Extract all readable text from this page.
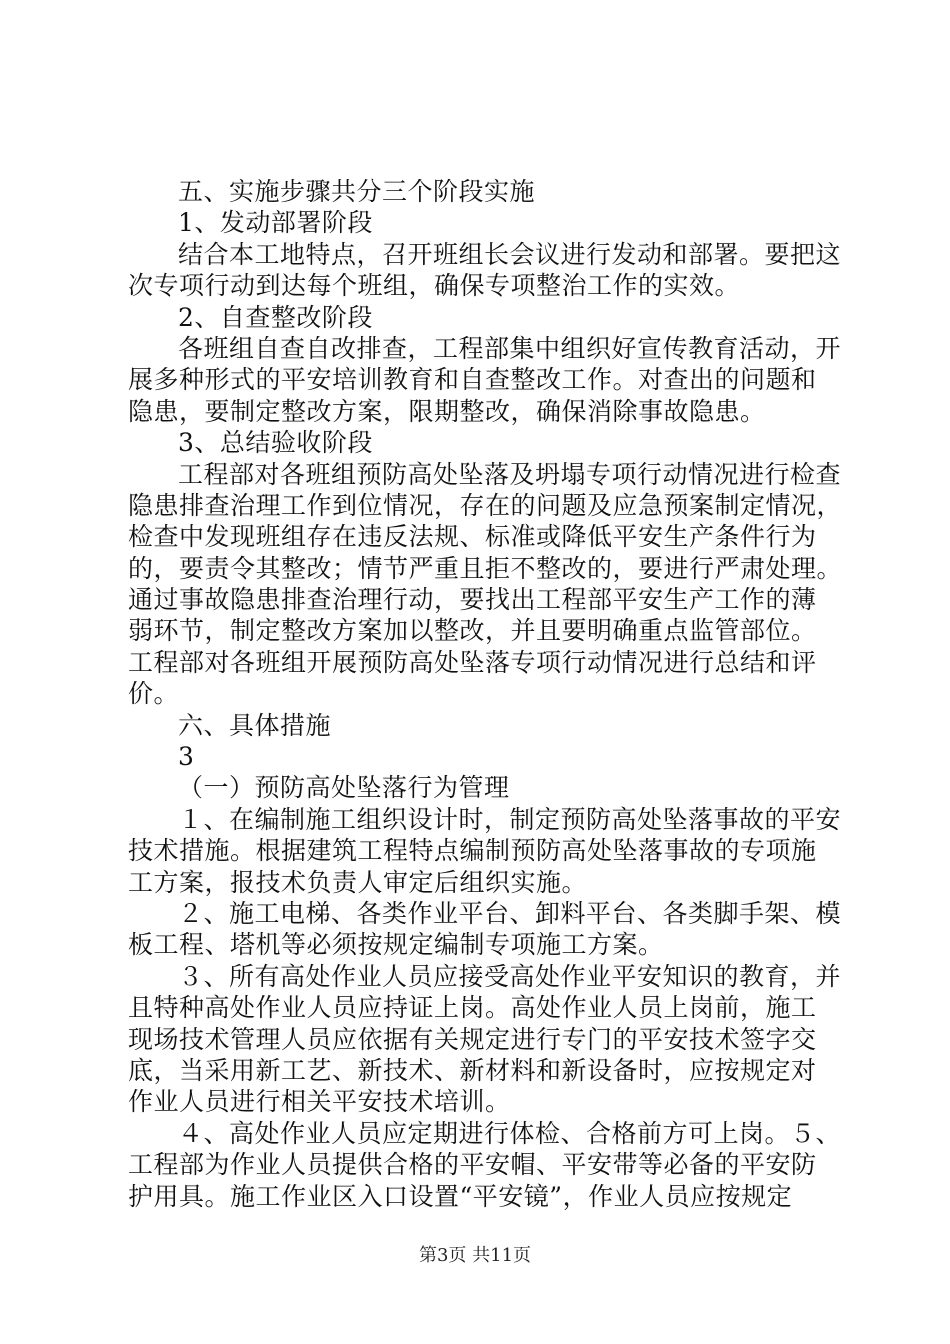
五、实施步骤共分三个阶段实施
1、发动部署阶段
结合本工地特点，召开班组长会议进行发动和部署。要把这
次专项行动到达每个班组，确保专项整治工作的实效。
2、自查整改阶段
各班组自查自改排查，工程部集中组织好宣传教育活动，开
展多种形式的平安培训教育和自查整改工作。对查出的问题和
隐患，要制定整改方案，限期整改，确保消除事故隐患。
3、总结验收阶段
工程部对各班组预防高处坠落及坍塌专项行动情况进行检查
隐患排查治理工作到位情况，存在的问题及应急预案制定情况，
检查中发现班组存在违反法规、标准或降低平安生产条件行为
的，要责令其整改；情节严重且拒不整改的，要进行严肃处理。
通过事故隐患排查治理行动，要找出工程部平安生产工作的薄
弱环节，制定整改方案加以整改，并且要明确重点监管部位。
工程部对各班组开展预防高处坠落专项行动情况进行总结和评
价。
六、具体措施
3
（一）预防高处坠落行为管理
１、在编制施工组织设计时，制定预防高处坠落事故的平安
技术措施。根据建筑工程特点编制预防高处坠落事故的专项施
工方案，报技术负责人审定后组织实施。
２、施工电梯、各类作业平台、卸料平台、各类脚手架、模
板工程、塔机等必须按规定编制专项施工方案。
３、所有高处作业人员应接受高处作业平安知识的教育，并
且特种高处作业人员应持证上岗。高处作业人员上岗前，施工
现场技术管理人员应依据有关规定进行专门的平安技术签字交
底，当采用新工艺、新技术、新材料和新设备时，应按规定对
作业人员进行相关平安技术培训。
４、高处作业人员应定期进行体检、合格前方可上岗。５、
工程部为作业人员提供合格的平安帽、平安带等必备的平安防
护用具。施工作业区入口设置“平安镜”，作业人员应按规定
第3页 共11页
